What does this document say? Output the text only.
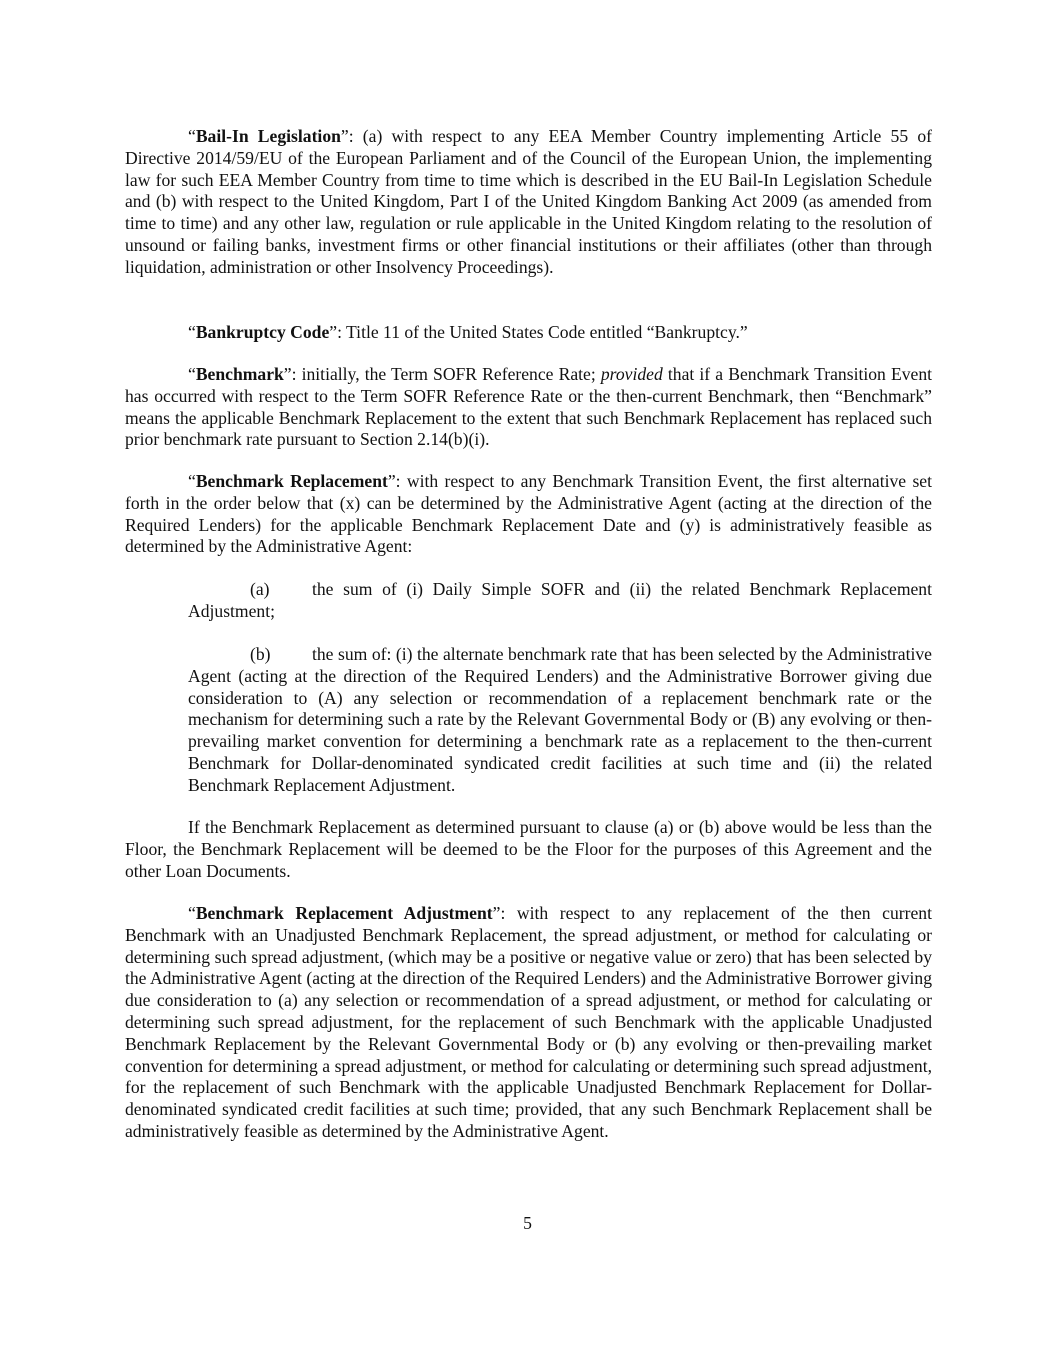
“Bail-In Legislation”: (a) with respect to any EEA Member Country implementing Article 55 of Directive 2014/59/EU of the European Parliament and of the Council of the European Union, the implementing law for such EEA Member Country from time to time which is described in the EU Bail-In Legislation Schedule and (b) with respect to the United Kingdom, Part I of the United Kingdom Banking Act 2009 (as amended from time to time) and any other law, regulation or rule applicable in the United Kingdom relating to the resolution of unsound or failing banks, investment firms or other financial institutions or their affiliates (other than through liquidation, administration or other Insolvency Proceedings).

“Bankruptcy Code”: Title 11 of the United States Code entitled “Bankruptcy.”

“Benchmark”: initially, the Term SOFR Reference Rate; provided that if a Benchmark Transition Event has occurred with respect to the Term SOFR Reference Rate or the then-current Benchmark, then “Benchmark” means the applicable Benchmark Replacement to the extent that such Benchmark Replacement has replaced such prior benchmark rate pursuant to Section 2.14(b)(i).

“Benchmark Replacement”: with respect to any Benchmark Transition Event, the first alternative set forth in the order below that (x) can be determined by the Administrative Agent (acting at the direction of the Required Lenders) for the applicable Benchmark Replacement Date and (y) is administratively feasible as determined by the Administrative Agent:

(a) the sum of (i) Daily Simple SOFR and (ii) the related Benchmark Replacement Adjustment;

(b) the sum of: (i) the alternate benchmark rate that has been selected by the Administrative Agent (acting at the direction of the Required Lenders) and the Administrative Borrower giving due consideration to (A) any selection or recommendation of a replacement benchmark rate or the mechanism for determining such a rate by the Relevant Governmental Body or (B) any evolving or then-prevailing market convention for determining a benchmark rate as a replacement to the then-current Benchmark for Dollar-denominated syndicated credit facilities at such time and (ii) the related Benchmark Replacement Adjustment.

If the Benchmark Replacement as determined pursuant to clause (a) or (b) above would be less than the Floor, the Benchmark Replacement will be deemed to be the Floor for the purposes of this Agreement and the other Loan Documents.

“Benchmark Replacement Adjustment”: with respect to any replacement of the then current Benchmark with an Unadjusted Benchmark Replacement, the spread adjustment, or method for calculating or determining such spread adjustment, (which may be a positive or negative value or zero) that has been selected by the Administrative Agent (acting at the direction of the Required Lenders) and the Administrative Borrower giving due consideration to (a) any selection or recommendation of a spread adjustment, or method for calculating or determining such spread adjustment, for the replacement of such Benchmark with the applicable Unadjusted Benchmark Replacement by the Relevant Governmental Body or (b) any evolving or then-prevailing market convention for determining a spread adjustment, or method for calculating or determining such spread adjustment, for the replacement of such Benchmark with the applicable Unadjusted Benchmark Replacement for Dollar-denominated syndicated credit facilities at such time; provided, that any such Benchmark Replacement shall be administratively feasible as determined by the Administrative Agent.

5
